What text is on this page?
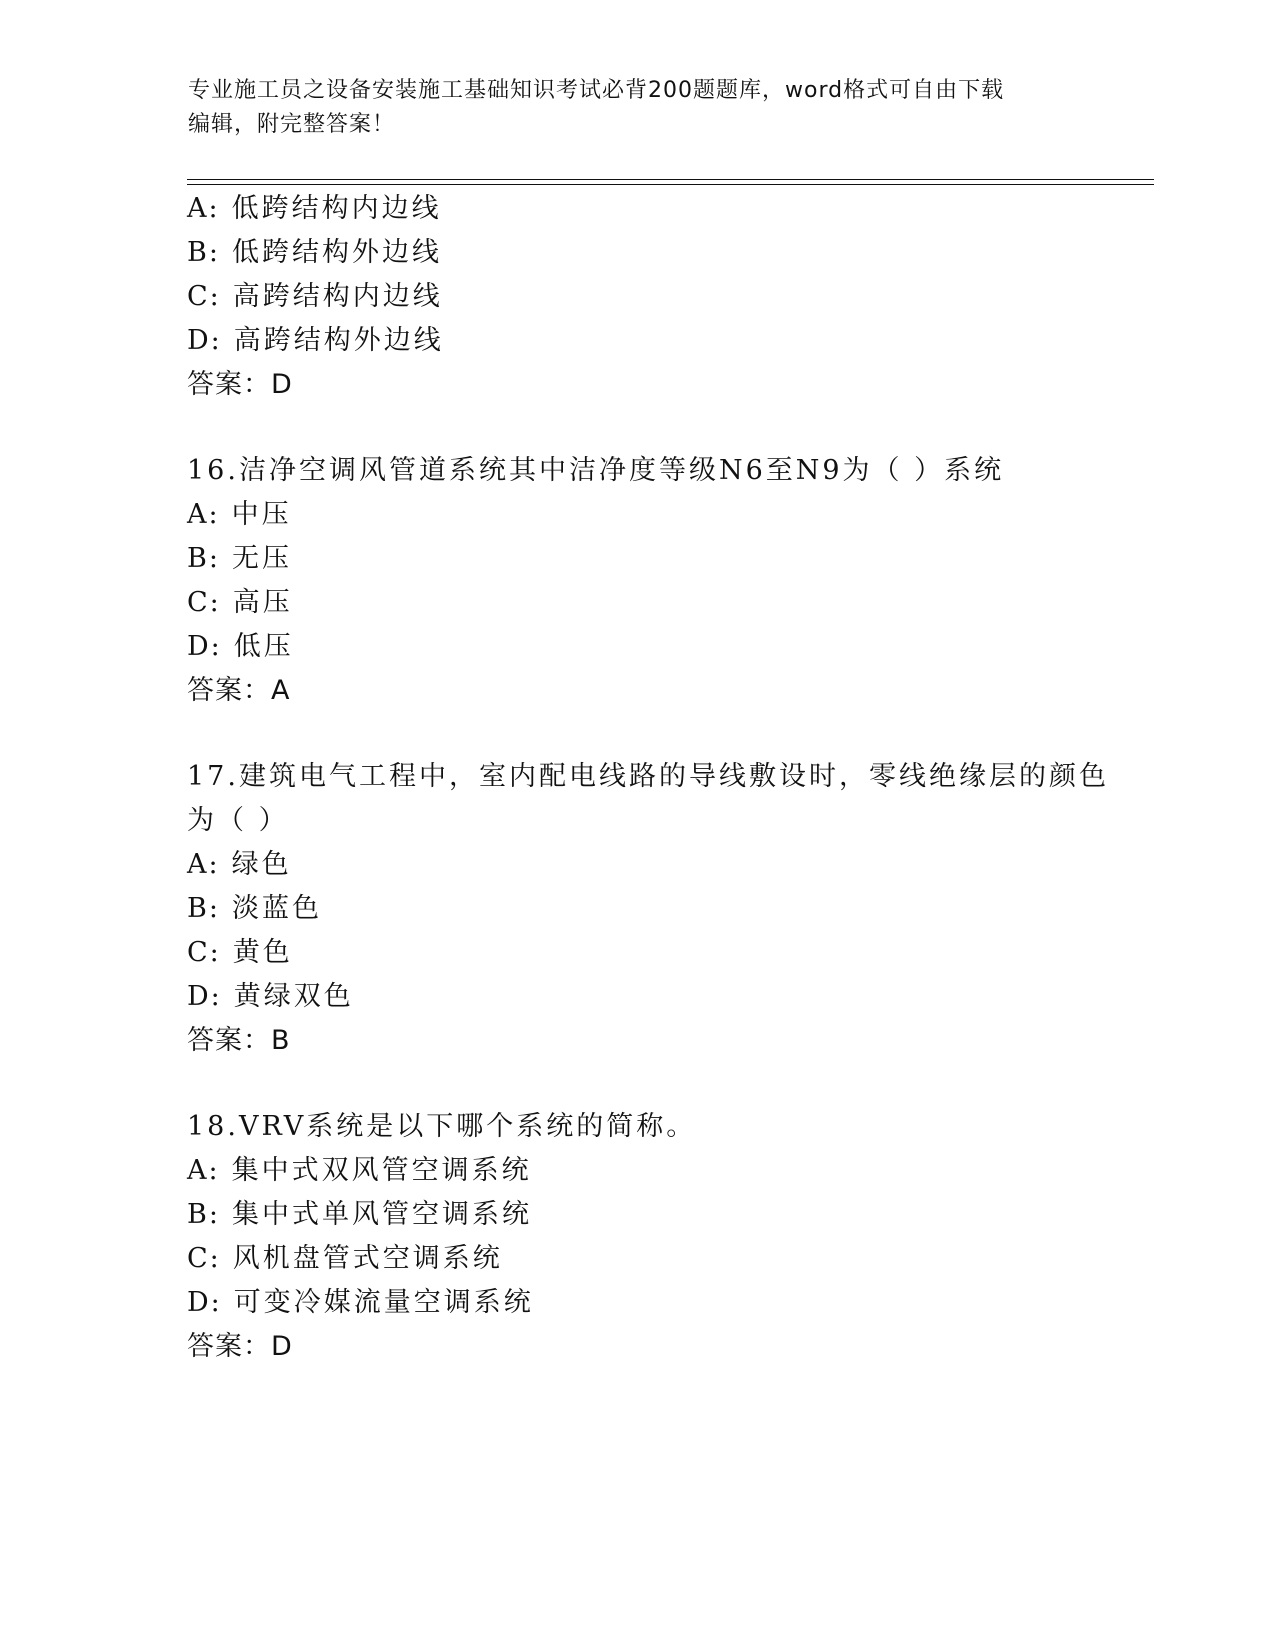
专业施工员之设备安装施工基础知识考试必背200题题库，word格式可自由下载
编辑，附完整答案！
A: 低跨结构内边线
B: 低跨结构外边线
C: 高跨结构内边线
D: 高跨结构外边线
答案：D
16.洁净空调风管道系统其中洁净度等级N6至N9为（ ）系统
A: 中压
B: 无压
C: 高压
D: 低压
答案：A
17.建筑电气工程中，室内配电线路的导线敷设时，零线绝缘层的颜色
为（ ）
A: 绿色
B: 淡蓝色
C: 黄色
D: 黄绿双色
答案：B
18.VRV系统是以下哪个系统的简称。
A: 集中式双风管空调系统
B: 集中式单风管空调系统
C: 风机盘管式空调系统
D: 可变冷媒流量空调系统
答案：D
